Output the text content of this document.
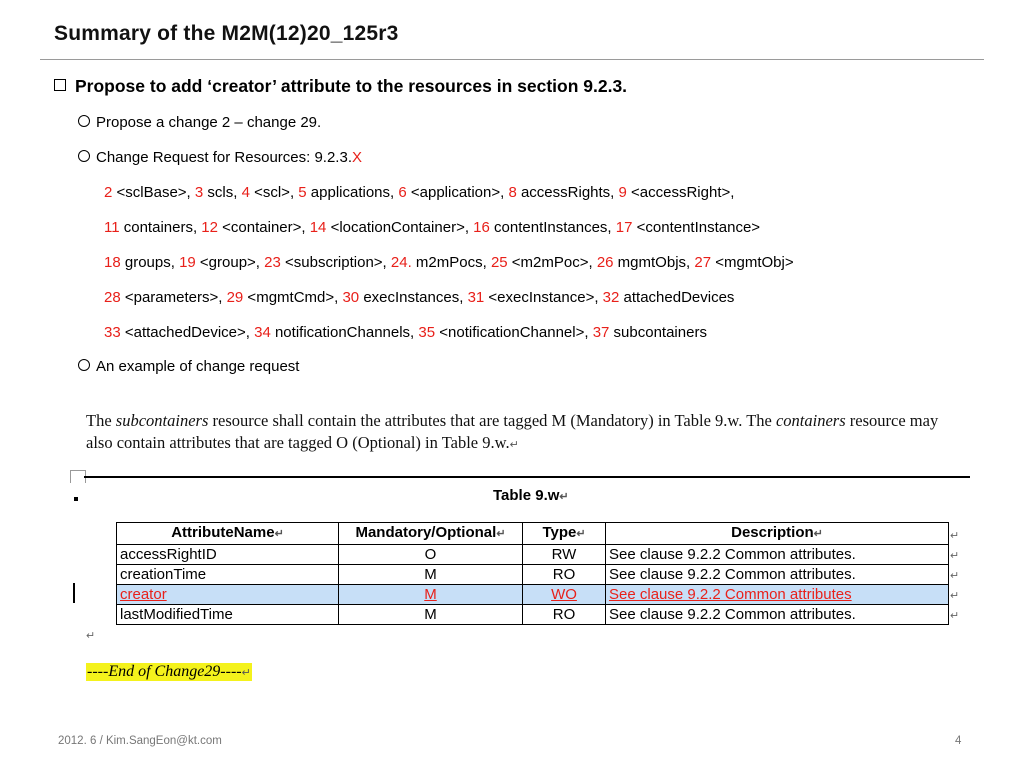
Summary of the M2M(12)20_125r3
Propose to add ‘creator’ attribute to the resources in section 9.2.3.
Propose a change 2 – change 29.
Change Request for Resources: 9.2.3.X
2 <sclBase>, 3 scls, 4 <scl>, 5 applications, 6 <application>, 8 accessRights, 9 <accessRight>,
11 containers, 12 <container>, 14 <locationContainer>, 16 contentInstances, 17 <contentInstance>
18 groups, 19 <group>, 23 <subscription>, 24. m2mPocs, 25 <m2mPoc>, 26 mgmtObjs, 27 <mgmtObj>
28 <parameters>, 29 <mgmtCmd>, 30 execInstances, 31 <execInstance>, 32 attachedDevices
33 <attachedDevice>, 34 notificationChannels, 35 <notificationChannel>, 37 subcontainers
An example of change request
The subcontainers resource shall contain the attributes that are tagged M (Mandatory) in Table 9.w. The containers resource may also contain attributes that are tagged O (Optional) in Table 9.w.↵
Table 9.w↵
AttributeName↵	Mandatory/Optional↵	Type↵	Description↵
accessRightID	O	RW	See clause 9.2.2 Common attributes.
creationTime	M	RO	See clause 9.2.2 Common attributes.
creator	M	WO	See clause 9.2.2 Common attributes
lastModifiedTime	M	RO	See clause 9.2.2 Common attributes.
↵
↵
↵
↵
↵
↵
----End of Change29----↵
2012. 6 / Kim.SangEon@kt.com	4
